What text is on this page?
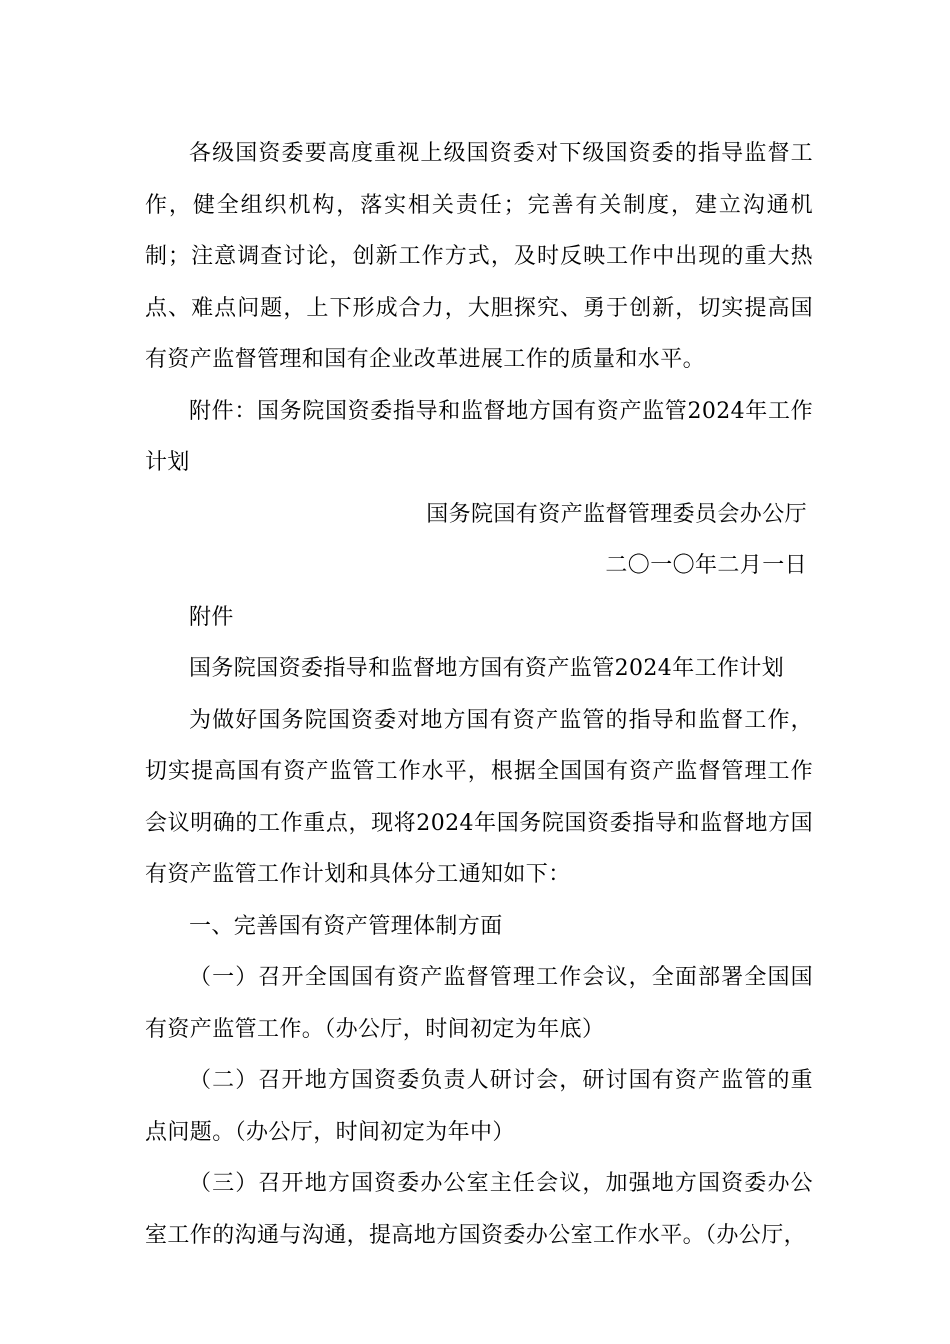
各级国资委要高度重视上级国资委对下级国资委的指导监督工作，健全组织机构，落实相关责任；完善有关制度，建立沟通机制；注意调查讨论，创新工作方式，及时反映工作中出现的重大热点、难点问题，上下形成合力，大胆探究、勇于创新，切实提高国有资产监督管理和国有企业改革进展工作的质量和水平。

附件：国务院国资委指导和监督地方国有资产监管2024年工作计划

国务院国有资产监督管理委员会办公厅

二〇一〇年二月一日

附件

国务院国资委指导和监督地方国有资产监管2024年工作计划

为做好国务院国资委对地方国有资产监管的指导和监督工作，切实提高国有资产监管工作水平，根据全国国有资产监督管理工作会议明确的工作重点，现将2024年国务院国资委指导和监督地方国有资产监管工作计划和具体分工通知如下：

一、完善国有资产管理体制方面

（一）召开全国国有资产监督管理工作会议，全面部署全国国有资产监管工作。（办公厅，时间初定为年底）

（二）召开地方国资委负责人研讨会，研讨国有资产监管的重点问题。（办公厅，时间初定为年中）

（三）召开地方国资委办公室主任会议，加强地方国资委办公室工作的沟通与沟通，提高地方国资委办公室工作水平。（办公厅，
